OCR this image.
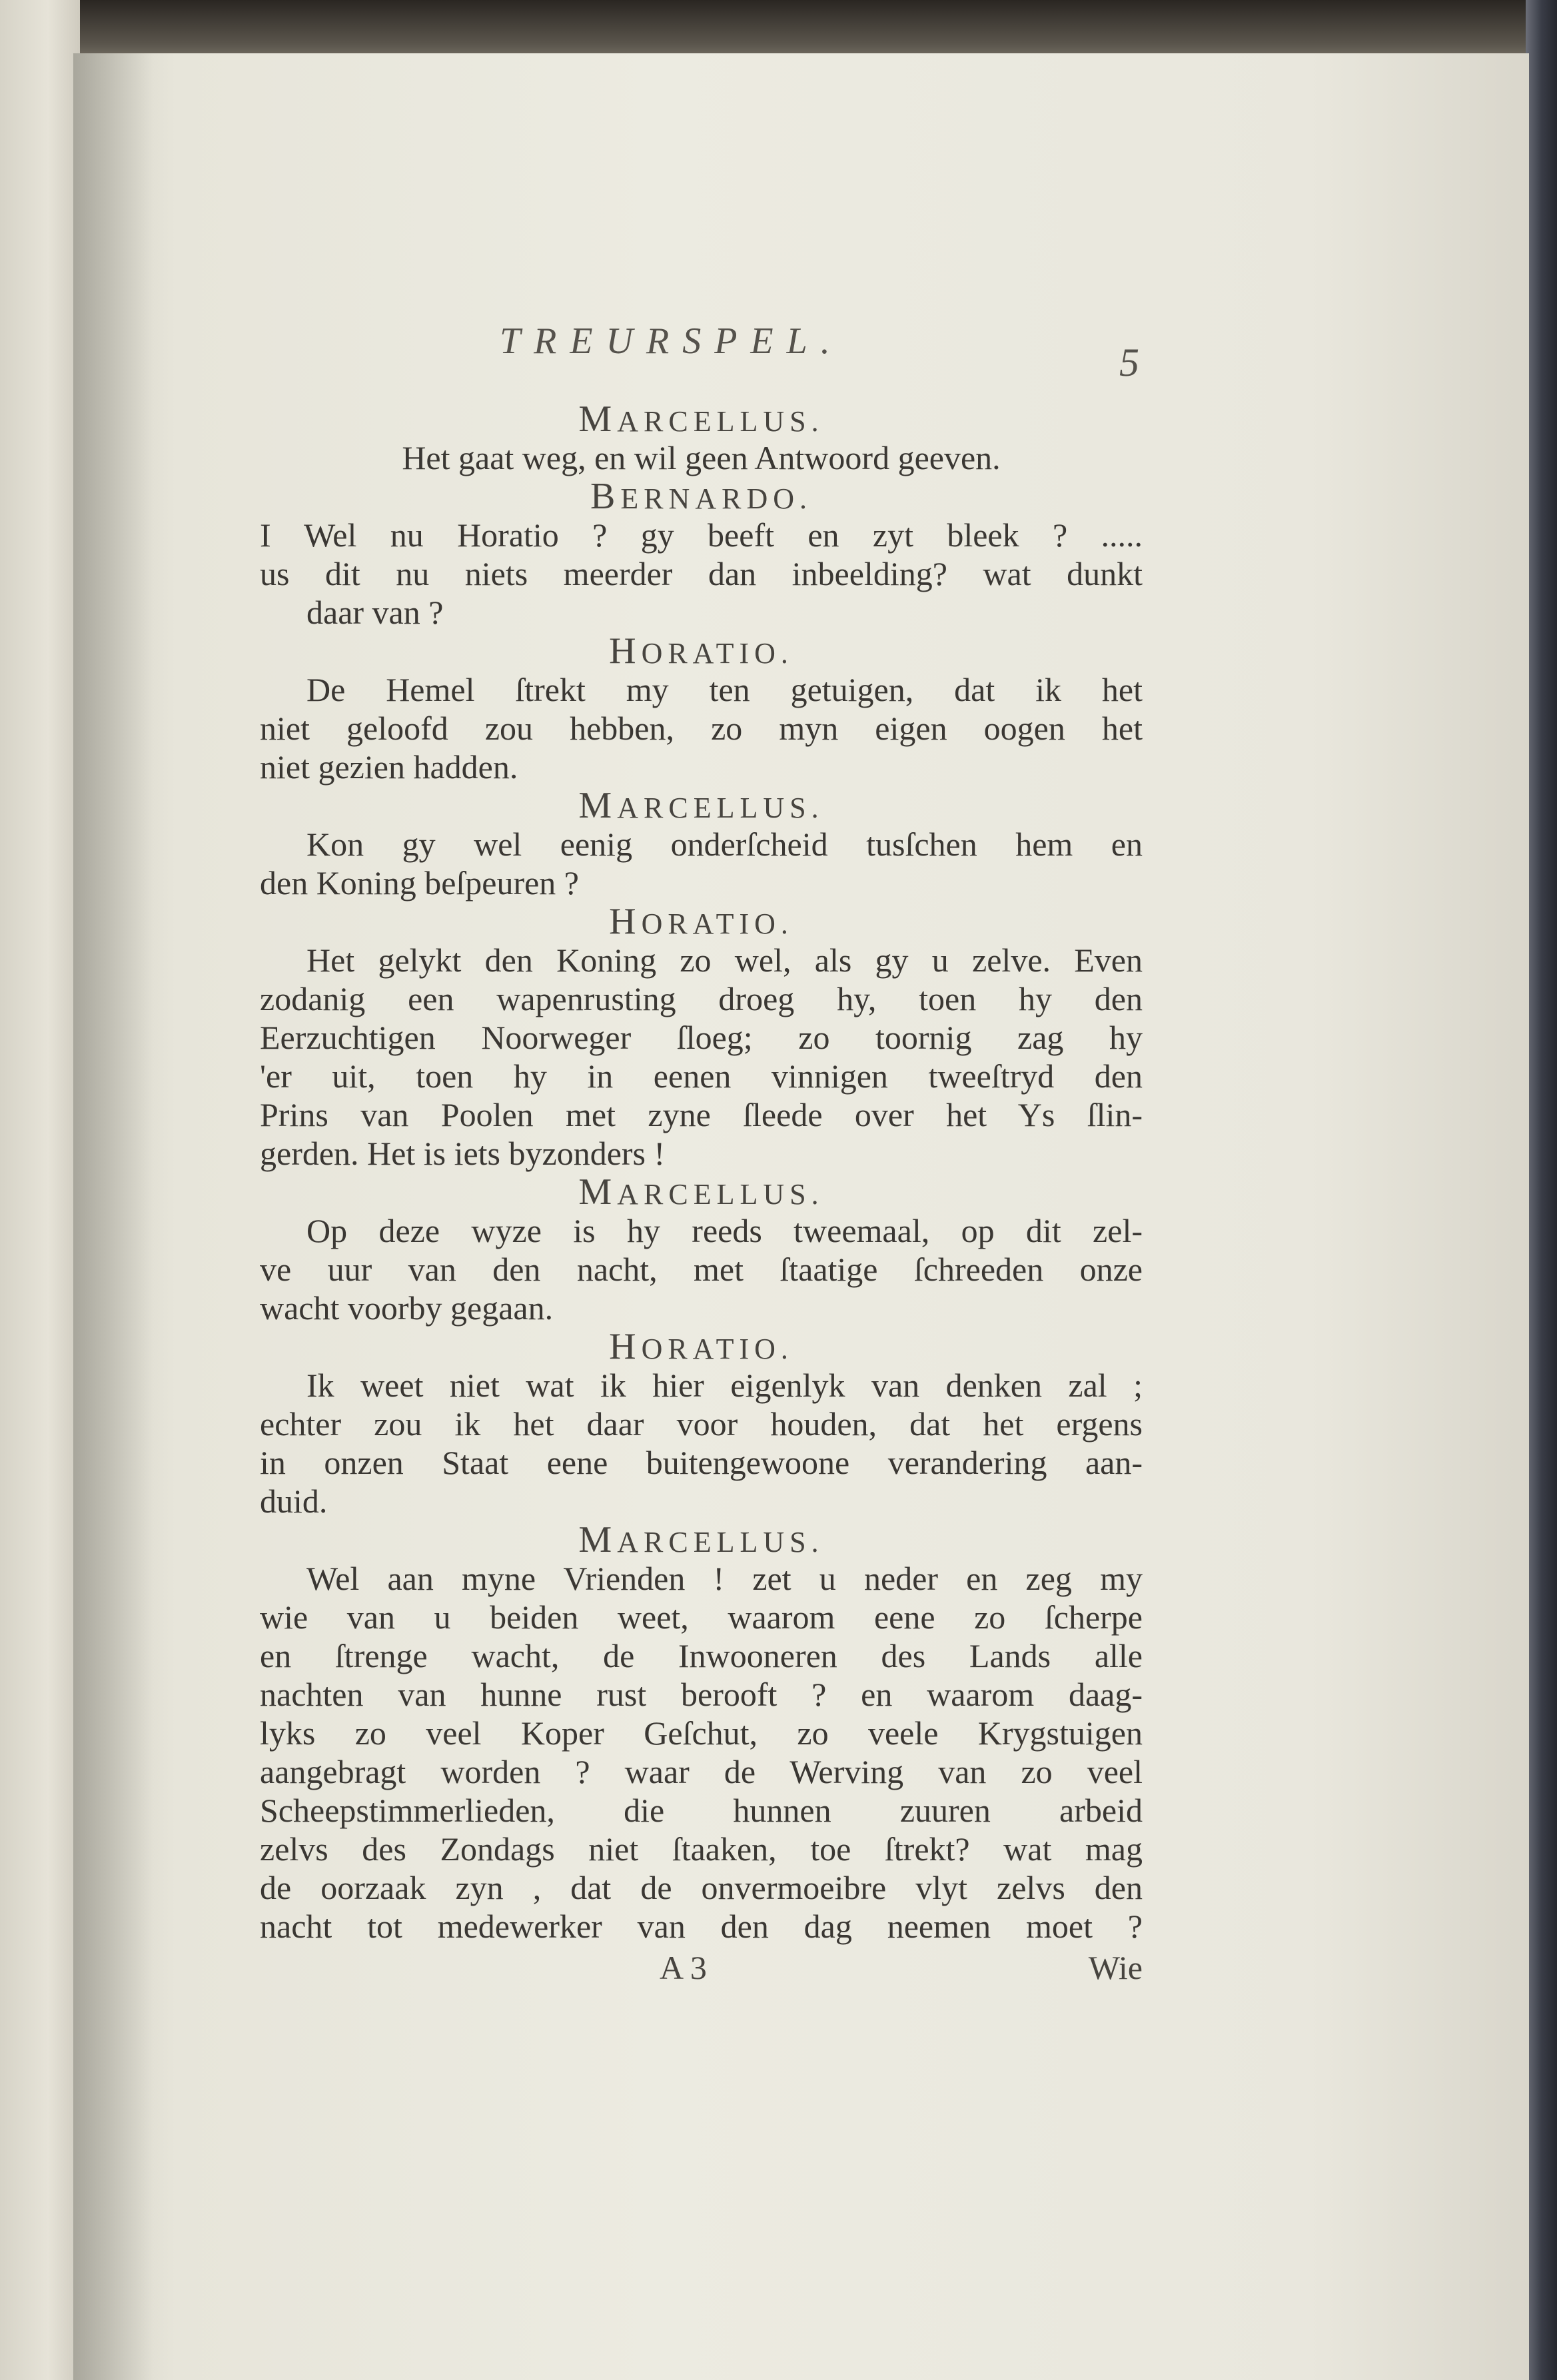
TREURSPEL.	5
MARCELLUS.
Het gaat weg, en wil geen Antwoord geeven.
BERNARDO.
I Wel nu Horatio ? gy beeft en zyt bleek ? .....
us dit nu niets meerder dan inbeelding? wat dunkt
daar van ?
HORATIO.
De Hemel ſtrekt my ten getuigen, dat ik het
niet geloofd zou hebben, zo myn eigen oogen het
niet gezien hadden.
MARCELLUS.
Kon gy wel eenig onderſcheid tusſchen hem en
den Koning beſpeuren ?
HORATIO.
Het gelykt den Koning zo wel, als gy u zelve. Even
zodanig een wapenrusting droeg hy, toen hy den
Eerzuchtigen Noorweger ſloeg; zo toornig zag hy
'er uit, toen hy in eenen vinnigen tweeſtryd den
Prins van Poolen met zyne ſleede over het Ys ſlin-
gerden. Het is iets byzonders !
MARCELLUS.
Op deze wyze is hy reeds tweemaal, op dit zel-
ve uur van den nacht, met ſtaatige ſchreeden onze
wacht voorby gegaan.
HORATIO.
Ik weet niet wat ik hier eigenlyk van denken zal ;
echter zou ik het daar voor houden, dat het ergens
in onzen Staat eene buitengewoone verandering aan-
duid.
MARCELLUS.
Wel aan myne Vrienden ! zet u neder en zeg my
wie van u beiden weet, waarom eene zo ſcherpe
en ſtrenge wacht, de Inwooneren des Lands alle
nachten van hunne rust berooft ? en waarom daag-
lyks zo veel Koper Geſchut, zo veele Krygstuigen
aangebragt worden ? waar de Werving van zo veel
Scheepstimmerlieden, die hunnen zuuren arbeid
zelvs des Zondags niet ſtaaken, toe ſtrekt? wat mag
de oorzaak zyn , dat de onvermoeibre vlyt zelvs den
nacht tot medewerker van den dag neemen moet ?
A 3	Wie
